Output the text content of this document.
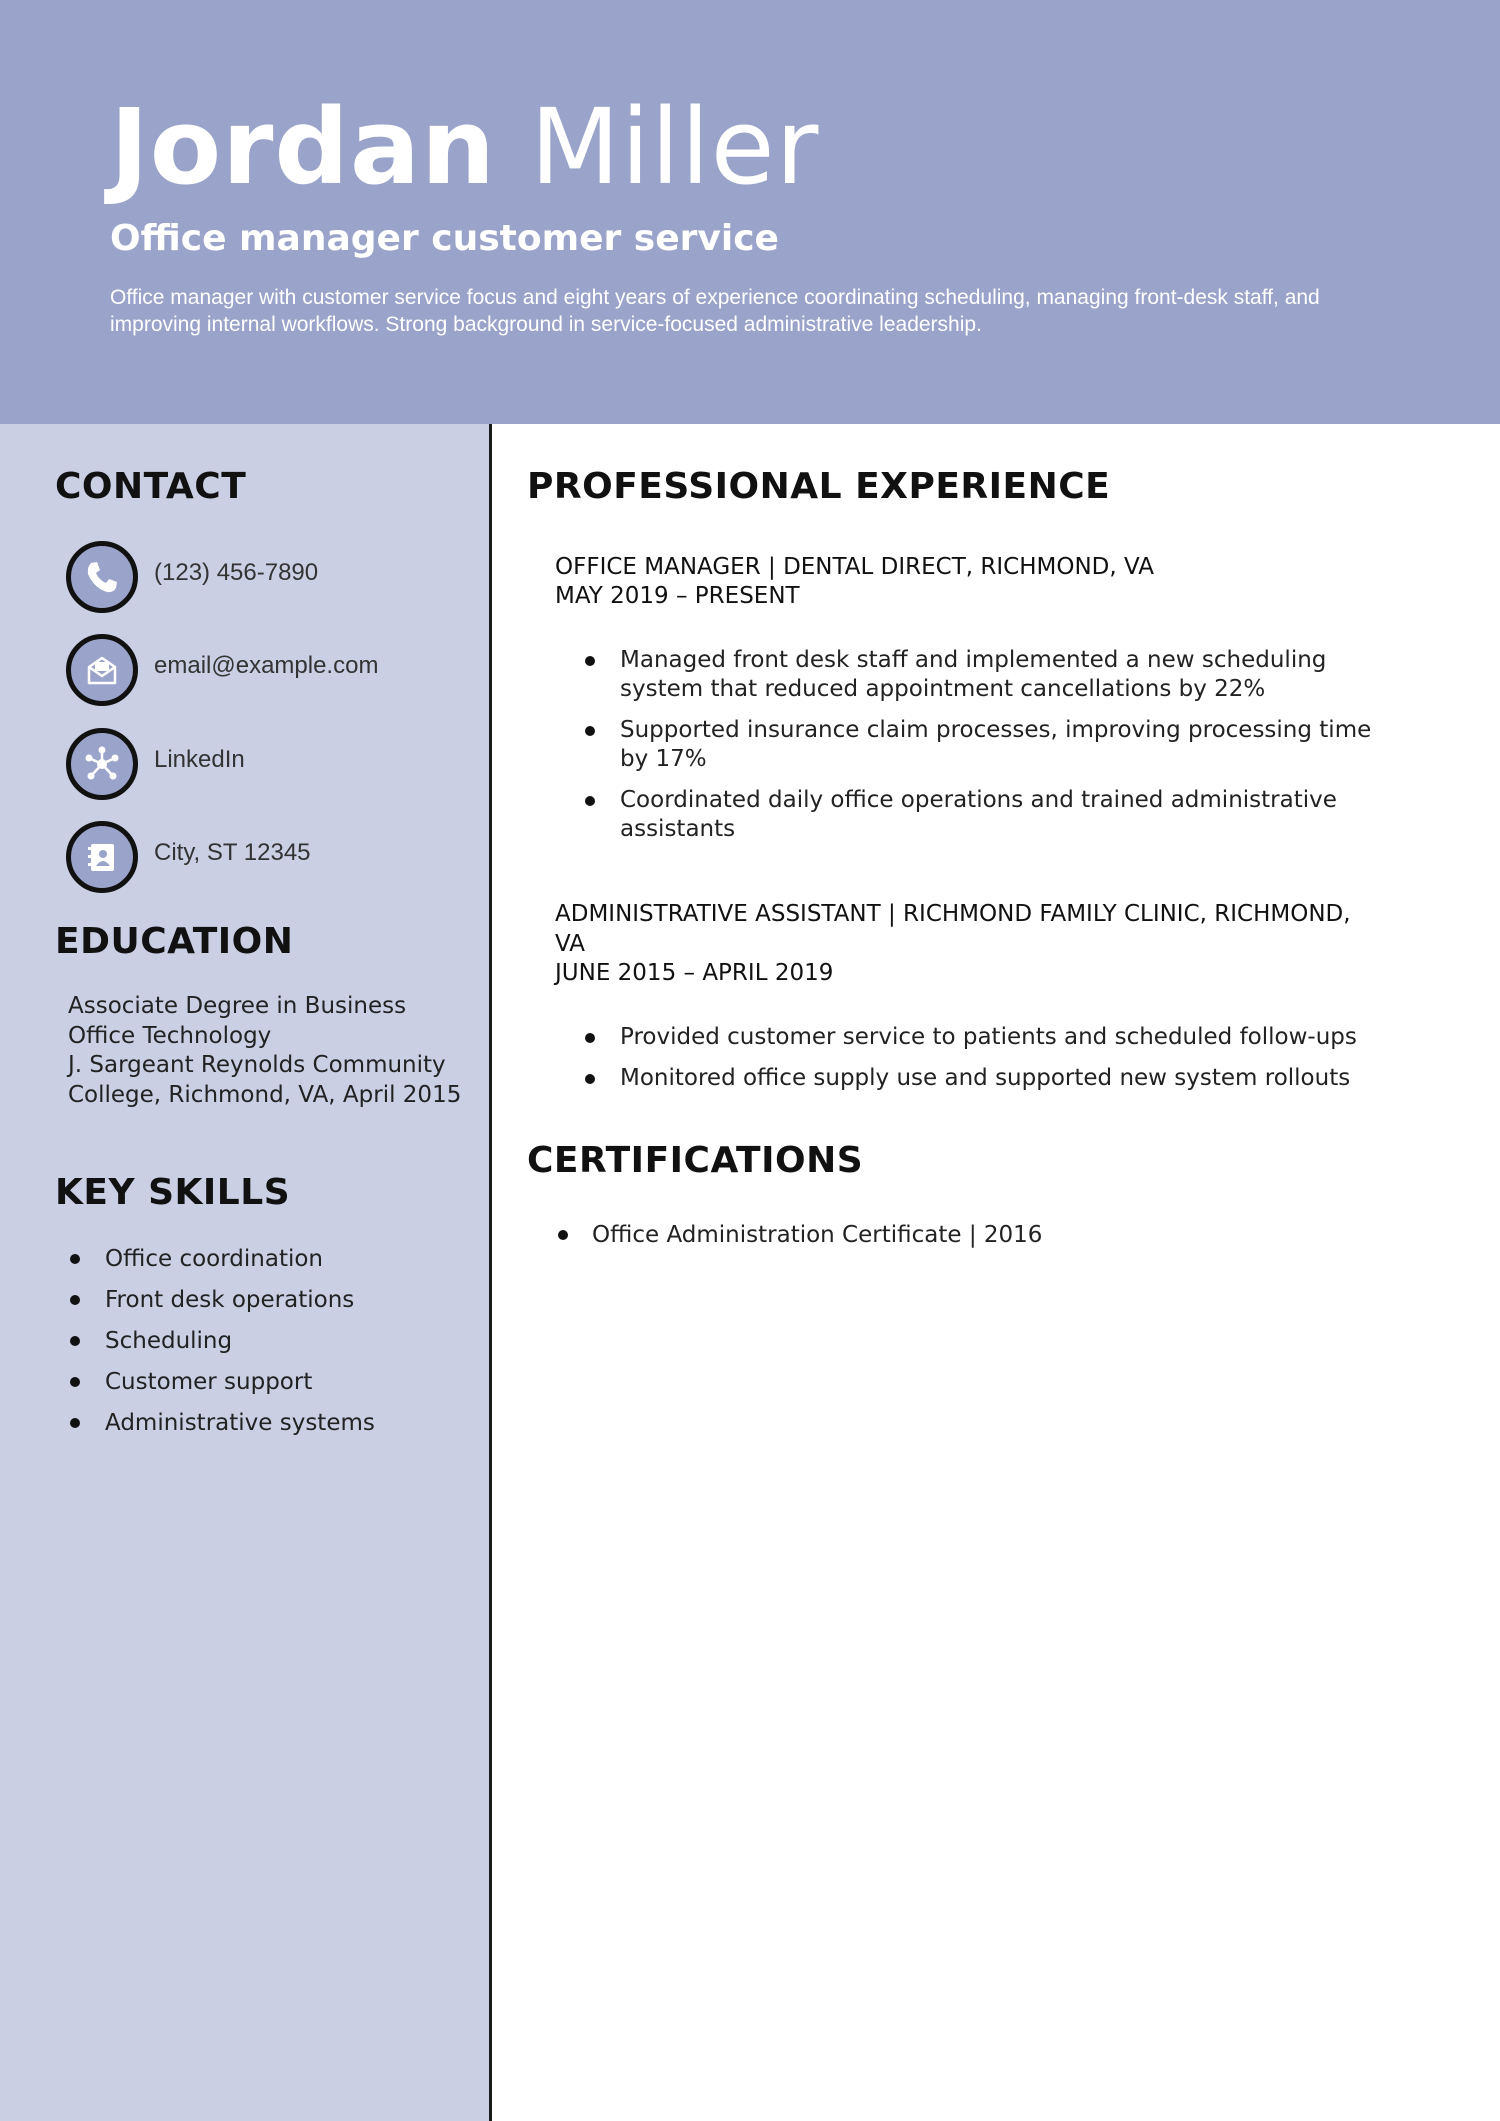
Jordan Miller
Office manager customer service

Office manager with customer service focus and eight years of experience coordinating scheduling, managing front-desk staff, and improving internal workflows. Strong background in service-focused administrative leadership.

CONTACT
(123) 456-7890
email@example.com
LinkedIn
City, ST 12345
EDUCATION

Associate Degree in Business Office Technology
J. Sargeant Reynolds Community College, Richmond, VA, April 2015

KEY SKILLS
Office coordination
Front desk operations
Scheduling
Customer support
Administrative systems
PROFESSIONAL EXPERIENCE

OFFICE MANAGER | DENTAL DIRECT, RICHMOND, VA

MAY 2019 – PRESENT

Managed front desk staff and implemented a new scheduling system that reduced appointment cancellations by 22%
Supported insurance claim processes, improving processing time by 17%
Coordinated daily office operations and trained administrative assistants

ADMINISTRATIVE ASSISTANT | RICHMOND FAMILY CLINIC, RICHMOND, VA

JUNE 2015 – APRIL 2019

Provided customer service to patients and scheduled follow-ups
Monitored office supply use and supported new system rollouts
CERTIFICATIONS
Office Administration Certificate | 2016
